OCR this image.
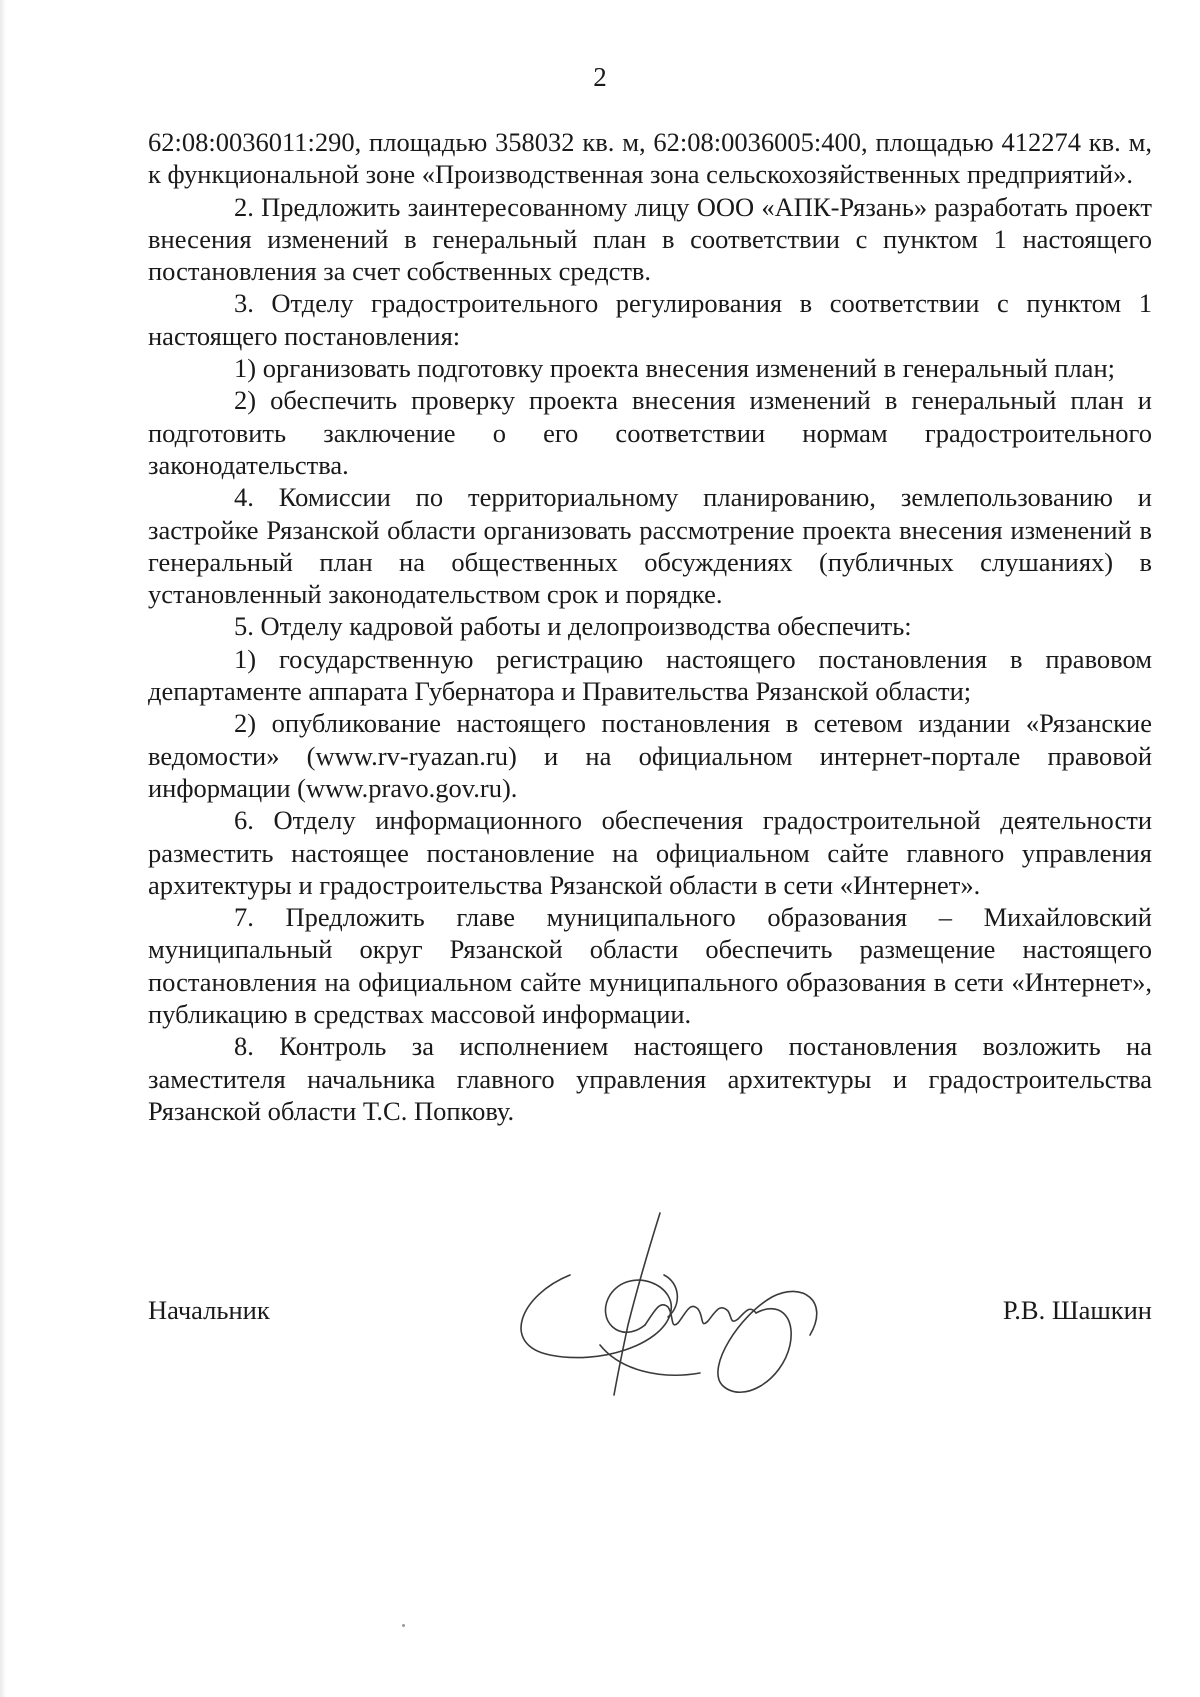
2

62:08:0036011:290, площадью 358032 кв. м, 62:08:0036005:400, площадью 412274 кв. м, к функциональной зоне «Производственная зона сельскохозяйственных предприятий».

2. Предложить заинтересованному лицу ООО «АПК-Рязань» разработать проект внесения изменений в генеральный план в соответствии с пунктом 1 настоящего постановления за счет собственных средств.

3. Отделу градостроительного регулирования в соответствии с пунктом 1 настоящего постановления:

1) организовать подготовку проекта внесения изменений в генеральный план;

2) обеспечить проверку проекта внесения изменений в генеральный план и подготовить заключение о его соответствии нормам градостроительного законодательства.

4. Комиссии по территориальному планированию, землепользованию и застройке Рязанской области организовать рассмотрение проекта внесения изменений в генеральный план на общественных обсуждениях (публичных слушаниях) в установленный законодательством срок и порядке.

5. Отделу кадровой работы и делопроизводства обеспечить:

1) государственную регистрацию настоящего постановления в правовом департаменте аппарата Губернатора и Правительства Рязанской области;

2) опубликование настоящего постановления в сетевом издании «Рязанские ведомости» (www.rv-ryazan.ru) и на официальном интернет-портале правовой информации (www.pravo.gov.ru).

6. Отделу информационного обеспечения градостроительной деятельности разместить настоящее постановление на официальном сайте главного управления архитектуры и градостроительства Рязанской области в сети «Интернет».

7. Предложить главе муниципального образования – Михайловский муниципальный округ Рязанской области обеспечить размещение настоящего постановления на официальном сайте муниципального образования в сети «Интернет», публикацию в средствах массовой информации.

8. Контроль за исполнением настоящего постановления возложить на заместителя начальника главного управления архитектуры и градостроительства Рязанской области Т.С. Попкову.

Начальник	Р.В. Шашкин
